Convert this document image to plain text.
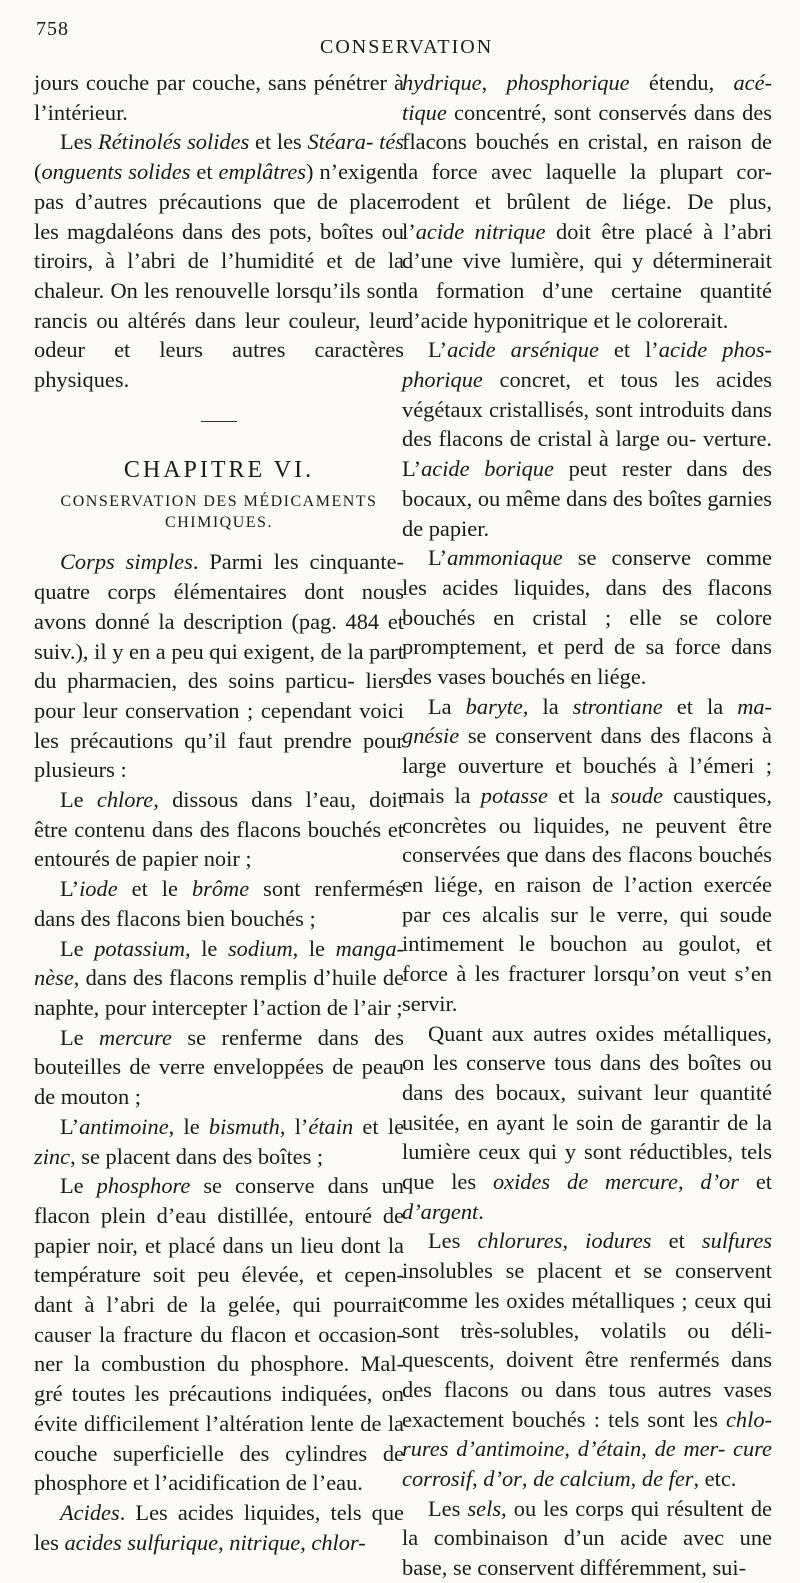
758
CONSERVATION

jours couche par couche, sans pénétrer à l’intérieur.

Les Rétinolés solides et les Stéara- tés (onguents solides et emplâtres) n’exigent pas d’autres précautions que de placer les magdaléons dans des pots, boîtes ou tiroirs, à l’abri de l’humidité et de la chaleur. On les renouvelle lorsqu’ils sont rancis ou altérés dans leur couleur, leur odeur et leurs autres caractères physiques.

CHAPITRE VI.
CONSERVATION DES MÉDICAMENTS CHIMIQUES.

Corps simples. Parmi les cinquante-quatre corps élémentaires dont nous avons donné la description (pag. 484 et suiv.), il y en a peu qui exigent, de la part du pharmacien, des soins particu- liers pour leur conservation ; cependant voici les précautions qu’il faut prendre pour plusieurs :

Le chlore, dissous dans l’eau, doit être contenu dans des flacons bouchés et entourés de papier noir ;

L’iode et le brôme sont renfermés dans des flacons bien bouchés ;

Le potassium, le sodium, le manga- nèse, dans des flacons remplis d’huile de naphte, pour intercepter l’action de l’air ;

Le mercure se renferme dans des bouteilles de verre enveloppées de peau de mouton ;

L’antimoine, le bismuth, l’étain et le zinc, se placent dans des boîtes ;

Le phosphore se conserve dans un flacon plein d’eau distillée, entouré de papier noir, et placé dans un lieu dont la température soit peu élevée, et cepen- dant à l’abri de la gelée, qui pourrait causer la fracture du flacon et occasion- ner la combustion du phosphore. Mal- gré toutes les précautions indiquées, on évite difficilement l’altération lente de la couche superficielle des cylindres de phosphore et l’acidification de l’eau.

Acides. Les acides liquides, tels que les acides sulfurique, nitrique, chlor-

hydrique, phosphorique étendu, acé- tique concentré, sont conservés dans des flacons bouchés en cristal, en raison de la force avec laquelle la plupart cor- rodent et brûlent de liége. De plus, l’acide nitrique doit être placé à l’abri d’une vive lumière, qui y déterminerait la formation d’une certaine quantité d’acide hyponitrique et le colorerait.

L’acide arsénique et l’acide phos- phorique concret, et tous les acides végétaux cristallisés, sont introduits dans des flacons de cristal à large ou- verture. L’acide borique peut rester dans des bocaux, ou même dans des boîtes garnies de papier.

L’ammoniaque se conserve comme les acides liquides, dans des flacons bouchés en cristal ; elle se colore promptement, et perd de sa force dans des vases bouchés en liége.

La baryte, la strontiane et la ma- gnésie se conservent dans des flacons à large ouverture et bouchés à l’émeri ; mais la potasse et la soude caustiques, concrètes ou liquides, ne peuvent être conservées que dans des flacons bouchés en liége, en raison de l’action exercée par ces alcalis sur le verre, qui soude intimement le bouchon au goulot, et force à les fracturer lorsqu’on veut s’en servir.

Quant aux autres oxides métalliques, on les conserve tous dans des boîtes ou dans des bocaux, suivant leur quantité usitée, en ayant le soin de garantir de la lumière ceux qui y sont réductibles, tels que les oxides de mercure, d’or et d’argent.

Les chlorures, iodures et sulfures insolubles se placent et se conservent comme les oxides métalliques ; ceux qui sont très-solubles, volatils ou déli- quescents, doivent être renfermés dans des flacons ou dans tous autres vases exactement bouchés : tels sont les chlo- rures d’antimoine, d’étain, de mer- cure corrosif, d’or, de calcium, de fer, etc.

Les sels, ou les corps qui résultent de la combinaison d’un acide avec une base, se conservent différemment, sui-
